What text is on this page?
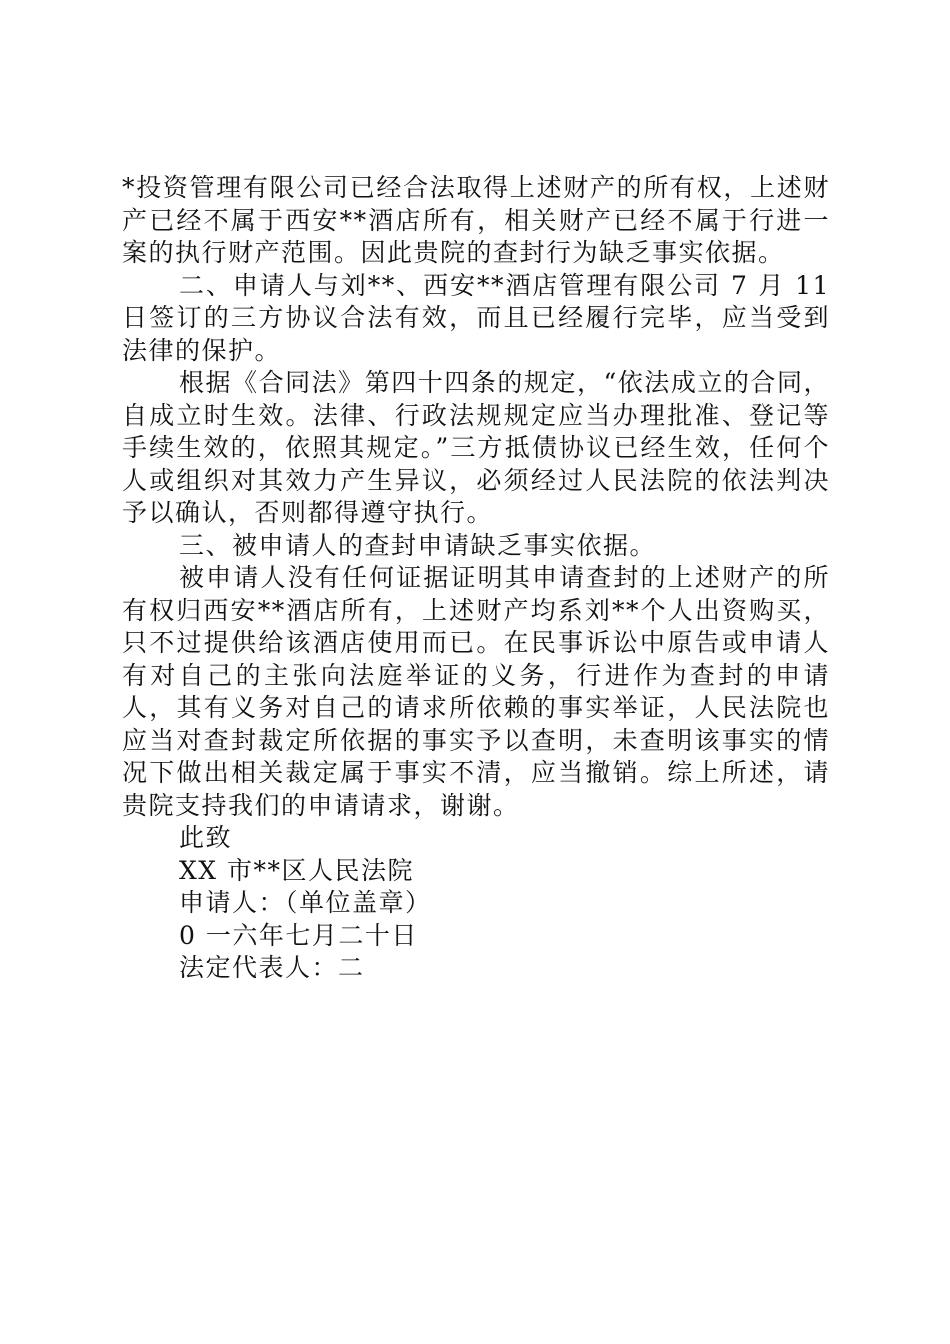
*投资管理有限公司已经合法取得上述财产的所有权，上述财产已经不属于西安**酒店所有，相关财产已经不属于行进一案的执行财产范围。因此贵院的查封行为缺乏事实依据。

二、申请人与刘**、西安**酒店管理有限公司 7 月 11 日签订的三方协议合法有效，而且已经履行完毕，应当受到法律的保护。

根据《合同法》第四十四条的规定，“依法成立的合同，自成立时生效。法律、行政法规规定应当办理批准、登记等手续生效的，依照其规定。”三方抵债协议已经生效，任何个人或组织对其效力产生异议，必须经过人民法院的依法判决予以确认，否则都得遵守执行。

三、被申请人的查封申请缺乏事实依据。

被申请人没有任何证据证明其申请查封的上述财产的所有权归西安**酒店所有，上述财产均系刘**个人出资购买，只不过提供给该酒店使用而已。在民事诉讼中原告或申请人有对自己的主张向法庭举证的义务，行进作为查封的申请人，其有义务对自己的请求所依赖的事实举证，人民法院也应当对查封裁定所依据的事实予以查明，未查明该事实的情况下做出相关裁定属于事实不清，应当撤销。综上所述，请贵院支持我们的申请请求，谢谢。

此致
XX 市**区人民法院
申请人：（单位盖章）
0 一六年七月二十日
法定代表人：二
